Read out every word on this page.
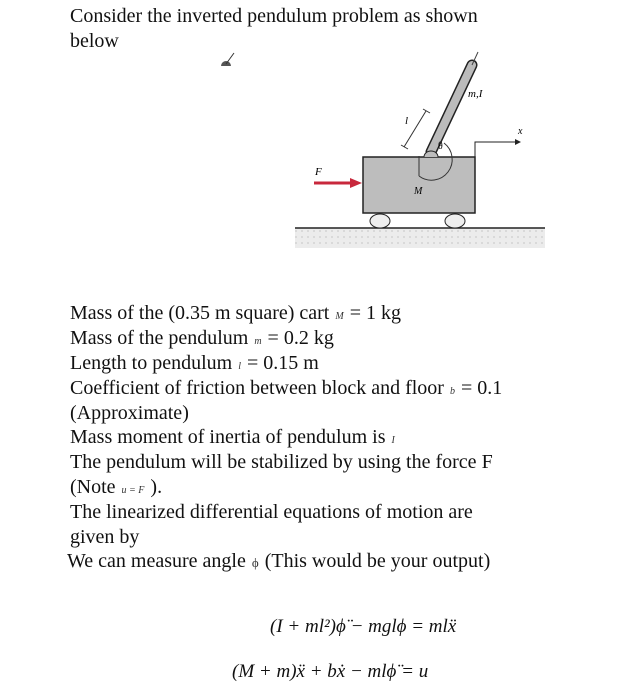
Consider the inverted pendulum problem as shown
below
m,I
l
θ
x
F
M
Mass of the (0.35 m square) cart M = 1 kg
Mass of the pendulum m = 0.2 kg
Length to pendulum l = 0.15 m
Coefficient of friction between block and floor b = 0.1
(Approximate)
Mass moment of inertia of pendulum is I
The pendulum will be stabilized by using the force F
(Note u = F ).
The linearized differential equations of motion are
given by
We can measure angle ϕ (This would be your output)
(I + ml²)ϕ̈ − mglϕ = mlẍ
(M + m)ẍ + bẋ − mlϕ̈ = u
